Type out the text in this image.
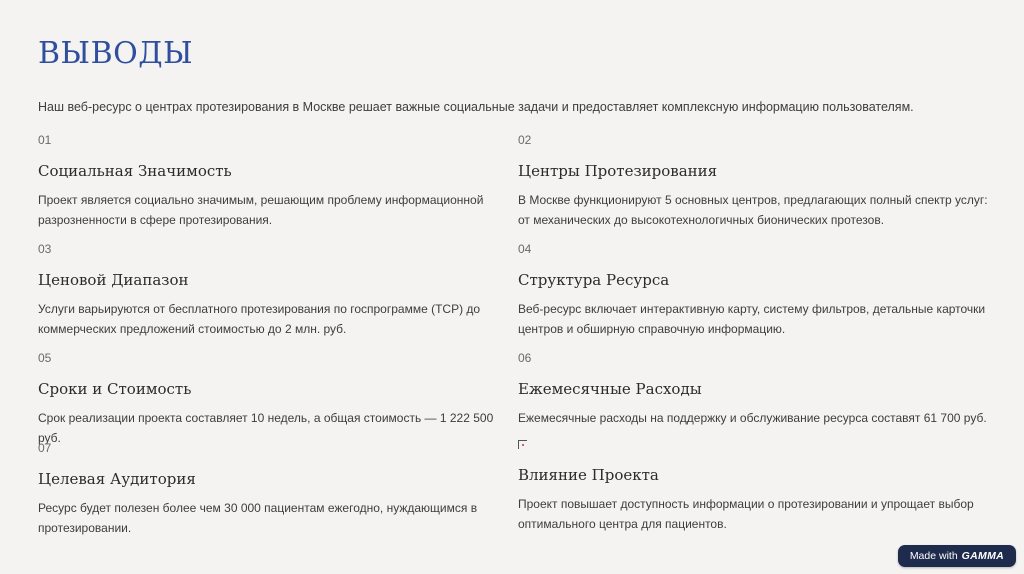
ВЫВОДЫ

Наш веб-ресурс о центрах протезирования в Москве решает важные социальные задачи и предоставляет комплексную информацию пользователям.

01

Социальная Значимость

Проект является социально значимым, решающим проблему информационной разрозненности в сфере протезирования.

02

Центры Протезирования

В Москве функционируют 5 основных центров, предлагающих полный спектр услуг: от механических до высокотехнологичных бионических протезов.

03

Ценовой Диапазон

Услуги варьируются от бесплатного протезирования по госпрограмме (ТСР) до коммерческих предложений стоимостью до 2 млн. руб.

04

Структура Ресурса

Веб-ресурс включает интерактивную карту, систему фильтров, детальные карточки центров и обширную справочную информацию.

05

Сроки и Стоимость

Срок реализации проекта составляет 10 недель, а общая стоимость — 1 222 500 руб.

06

Ежемесячные Расходы

Ежемесячные расходы на поддержку и обслуживание ресурса составят 61 700 руб.

07

Целевая Аудитория

Ресурс будет полезен более чем 30 000 пациентам ежегодно, нуждающимся в протезировании.

Влияние Проекта

Проект повышает доступность информации о протезировании и упрощает выбор оптимального центра для пациентов.

Made with GAMMA
